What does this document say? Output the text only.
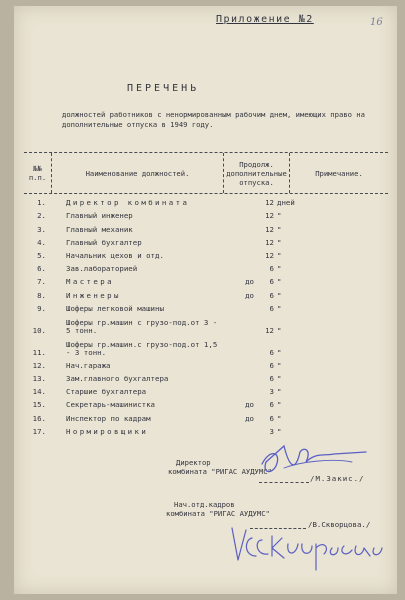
Приложение №2	16
ПЕРЕЧЕНЬ
должностей работников с ненормированным рабочим днем, имеющих право на дополнительные отпуска в 1949 году.
№№ п.п.	Наименование должностей.
Продолж. дополнительные отпуска.
Примечание.
1.	Директор комбината	12 дней
2.	Главный инженер	12 "
3.	Главный механик	12 "
4.	Главный бухгалтер	12 "
5.	Начальник цехов и отд.	12 "
6.	Зав.лабораторией	6 "
7.	Мастера	до	6 "
8.	Инженеры	до	6 "
9.	Шоферы легковой машины	6 "
10.
Шоферы гр.машин с грузо-под.от 3 - 5 тонн.	12 "
11.
Шоферы гр.машин.с грузо-под.от 1,5 - 3 тонн.	6 "
12.	Нач.гаража	6 "
13.	Зам.главного бухгалтера	6 "
14.	Старшие бухгалтера	3 "
15.	Секретарь-машинистка	до	6 "
16.	Инспектор по кадрам	до	6 "
17.	Нормировщики	3 "
Директор
комбината "РИГАС АУДУМС"
/М.Закис./
Нач.отд.кадров
комбината "РИГАС АУДУМС"
/В.Скворцова./
